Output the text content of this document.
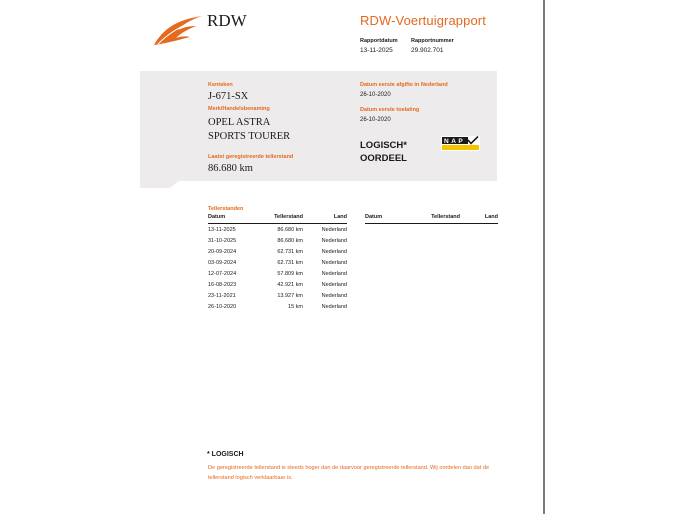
RDW	RDW-Voertuigrapport
Rapportdatum
13-11-2025
Rapportnummer
29.902.701
Kenteken
J-671-SX
Merk/Handelsbenaming
OPEL ASTRA
SPORTS TOURER
Laatst geregistreerde tellerstand
86.680 km
Datum eerste afgifte in Nederland
26-10-2020
Datum eerste toelating
26-10-2020
LOGISCH*
OORDEEL
NAP
Tellerstanden
Datum	Tellerstand	Land
13-11-2025	86.680 km	Nederland
31-10-2025	86.680 km	Nederland
20-09-2024	62.731 km	Nederland
03-09-2024	62.731 km	Nederland
12-07-2024	57.809 km	Nederland
16-08-2023	42.921 km	Nederland
23-11-2021	13.927 km	Nederland
26-10-2020	15 km	Nederland
Datum	Tellerstand	Land
* LOGISCH
De geregistreerde tellerstand is steeds hoger dan de daarvoor geregistreerde tellerstand. Wij oordelen dan dat de tellerstand logisch verklaarbaar is.
